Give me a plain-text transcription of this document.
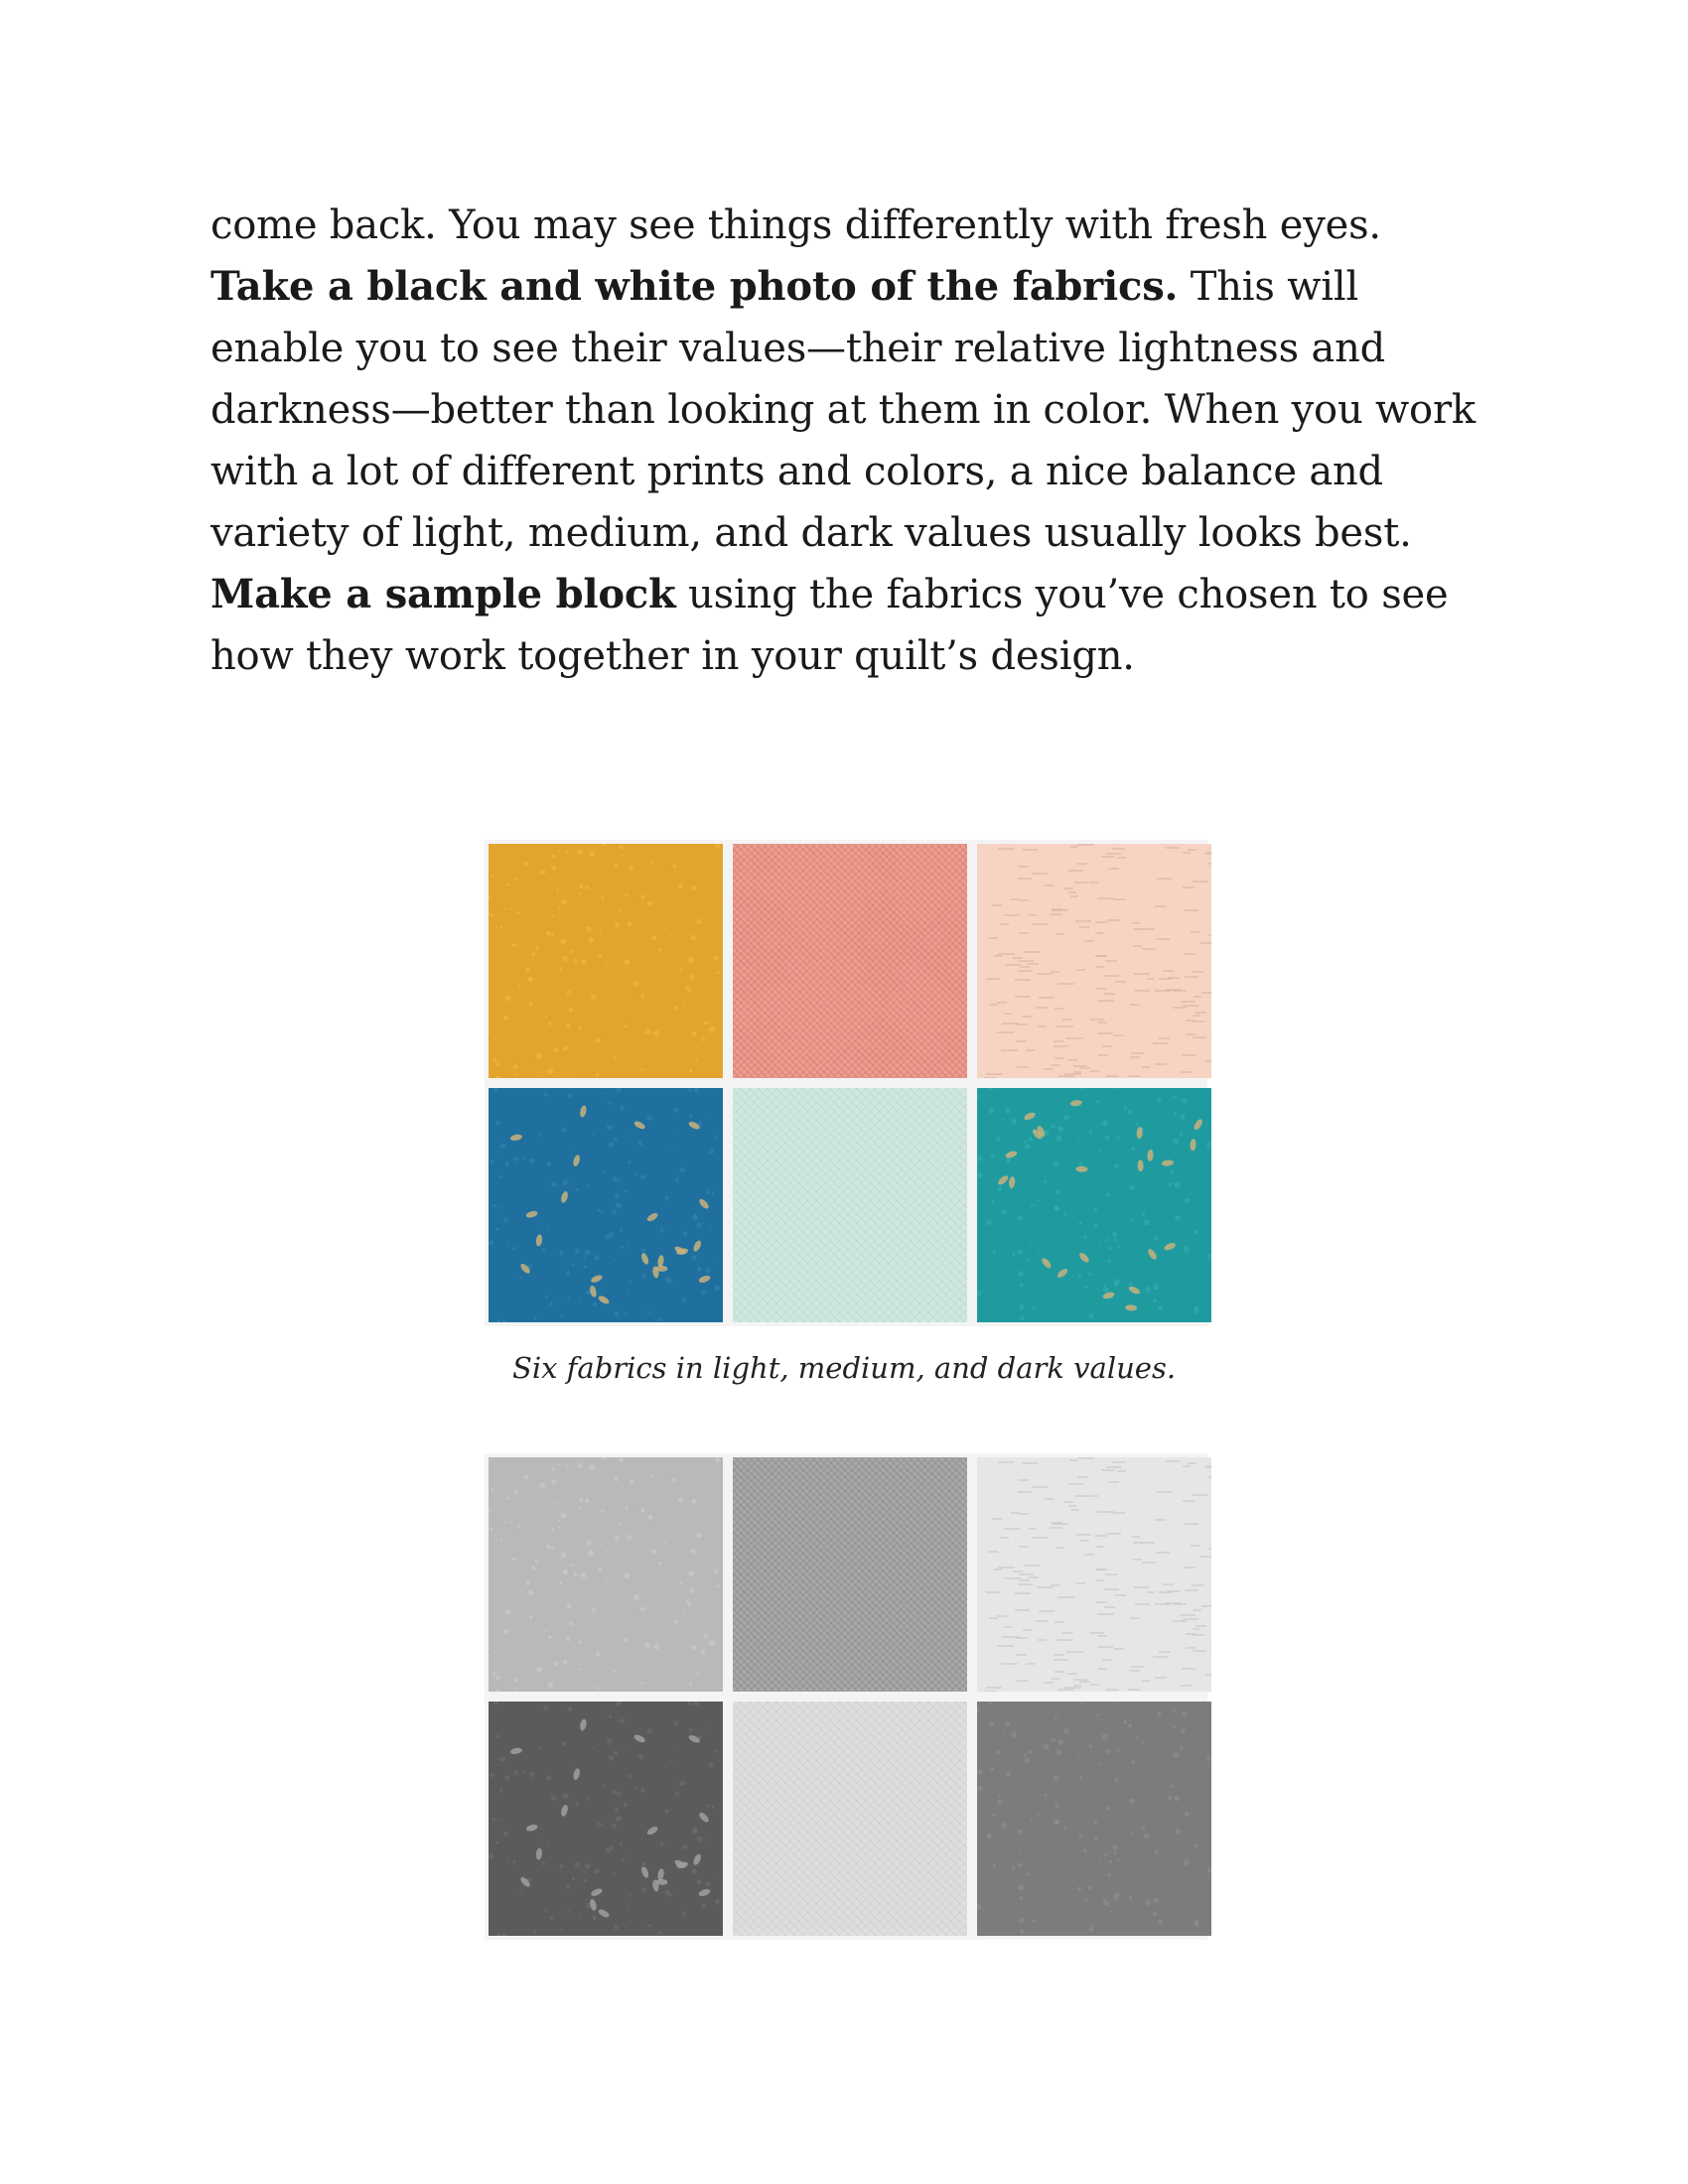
come back. You may see things differently with fresh eyes.

Take a black and white photo of the fabrics. This will enable you to see their values—their relative lightness and darkness—better than looking at them in color. When you work with a lot of different prints and colors, a nice balance and variety of light, medium, and dark values usually looks best.

Make a sample block using the fabrics you’ve chosen to see how they work together in your quilt’s design.

Six fabrics in light, medium, and dark values.
